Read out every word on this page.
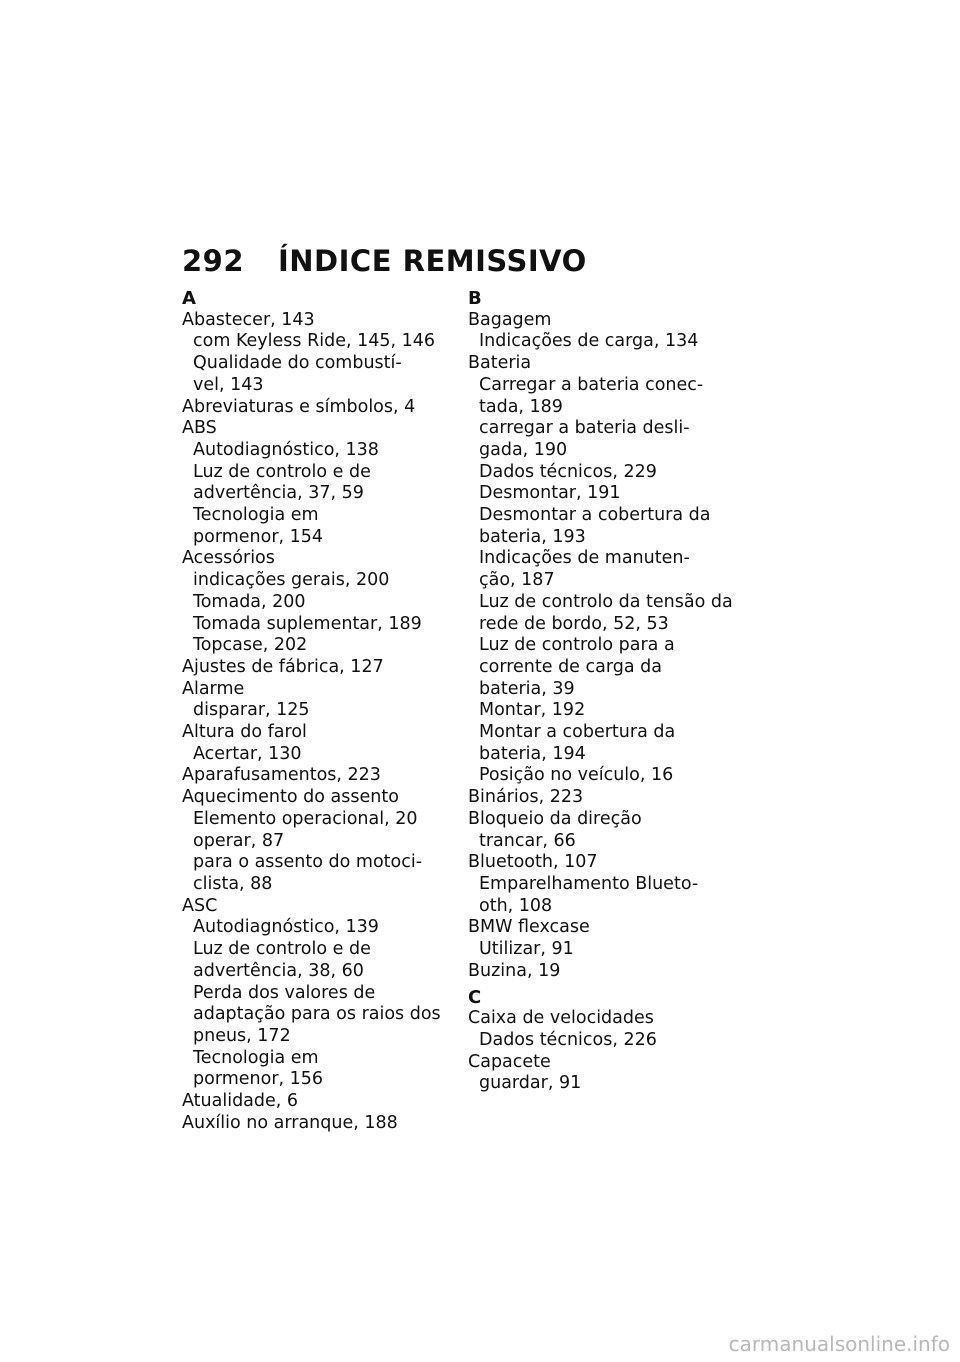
292 ÍNDICE REMISSIVO
A
Abastecer, 143
com Keyless Ride, 145, 146
Qualidade do combustí-
vel, 143
Abreviaturas e símbolos, 4
ABS
Autodiagnóstico, 138
Luz de controlo e de
advertência, 37, 59
Tecnologia em
pormenor, 154
Acessórios
indicações gerais, 200
Tomada, 200
Tomada suplementar, 189
Topcase, 202
Ajustes de fábrica, 127
Alarme
disparar, 125
Altura do farol
Acertar, 130
Aparafusamentos, 223
Aquecimento do assento
Elemento operacional, 20
operar, 87
para o assento do motoci-
clista, 88
ASC
Autodiagnóstico, 139
Luz de controlo e de
advertência, 38, 60
Perda dos valores de
adaptação para os raios dos
pneus, 172
Tecnologia em
pormenor, 156
Atualidade, 6
Auxílio no arranque, 188
B
Bagagem
Indicações de carga, 134
Bateria
Carregar a bateria conec-
tada, 189
carregar a bateria desli-
gada, 190
Dados técnicos, 229
Desmontar, 191
Desmontar a cobertura da
bateria, 193
Indicações de manuten-
ção, 187
Luz de controlo da tensão da
rede de bordo, 52, 53
Luz de controlo para a
corrente de carga da
bateria, 39
Montar, 192
Montar a cobertura da
bateria, 194
Posição no veículo, 16
Binários, 223
Bloqueio da direção
trancar, 66
Bluetooth, 107
Emparelhamento Blueto-
oth, 108
BMW flexcase
Utilizar, 91
Buzina, 19
C
Caixa de velocidades
Dados técnicos, 226
Capacete
guardar, 91
carmanualsonline.info
